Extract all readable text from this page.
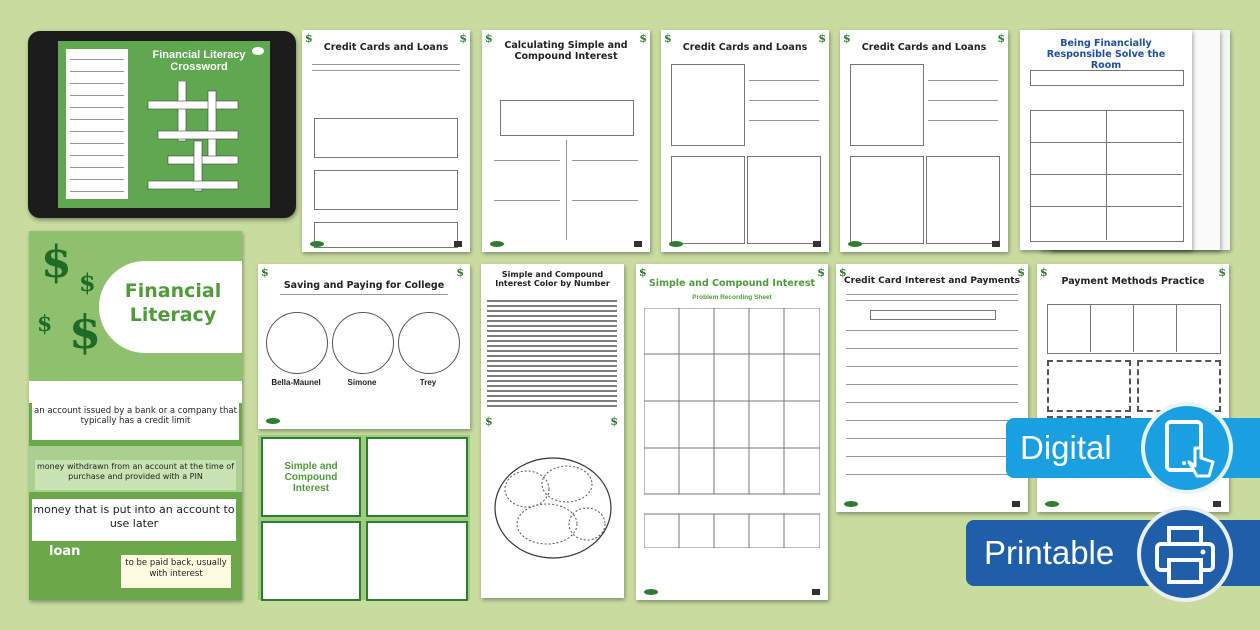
Financial Literacy Crossword
$	$
Credit Cards and Loans
$	$
Calculating Simple and Compound Interest
$	$
Credit Cards and Loans
$	$
Credit Cards and Loans	Being Financially Responsible Solve the Room
Financial
Literacy
$ $
$ $
an account issued by a bank or a company that typically has a credit limit
money withdrawn from an account at the time of purchase and provided with a PIN
money that is put into an account to use later
loan
to be paid back, usually with interest
$	$
Saving and Paying for College
Bella-Maunel	Simone	Trey
Simple and Compound Interest
Simple and Compound Interest Color by Number
$	$
$	$
Simple and Compound Interest
Problem Recording Sheet
$	$
Credit Card Interest and Payments
$	$
Payment Methods Practice
Digital
Printable
